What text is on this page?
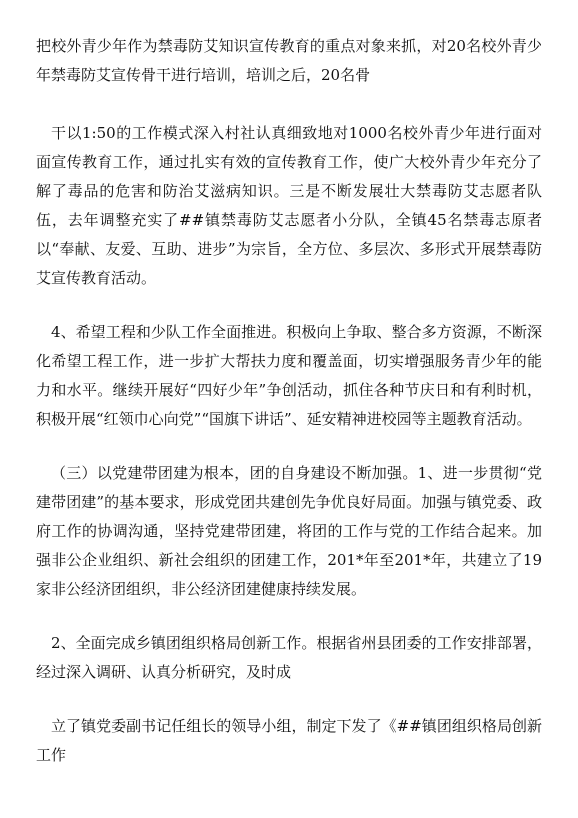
把校外青少年作为禁毒防艾知识宣传教育的重点对象来抓，对20名校外青少年禁毒防艾宣传骨干进行培训，培训之后，20名骨

干以1:50的工作模式深入村社认真细致地对1000名校外青少年进行面对面宣传教育工作，通过扎实有效的宣传教育工作，使广大校外青少年充分了解了毒品的危害和防治艾滋病知识。三是不断发展壮大禁毒防艾志愿者队伍，去年调整充实了##镇禁毒防艾志愿者小分队，全镇45名禁毒志原者以“奉献、友爱、互助、进步”为宗旨，全方位、多层次、多形式开展禁毒防艾宣传教育活动。

4、希望工程和少队工作全面推进。积极向上争取、整合多方资源，不断深化希望工程工作，进一步扩大帮扶力度和覆盖面，切实增强服务青少年的能力和水平。继续开展好“四好少年”争创活动，抓住各种节庆日和有利时机，积极开展“红领巾心向党”“国旗下讲话”、延安精神进校园等主题教育活动。

（三）以党建带团建为根本，团的自身建设不断加强。1、进一步贯彻“党建带团建”的基本要求，形成党团共建创先争优良好局面。加强与镇党委、政府工作的协调沟通，坚持党建带团建，将团的工作与党的工作结合起来。加强非公企业组织、新社会组织的团建工作，201*年至201*年，共建立了19家非公经济团组织，非公经济团建健康持续发展。

2、全面完成乡镇团组织格局创新工作。根据省州县团委的工作安排部署，经过深入调研、认真分析研究，及时成

立了镇党委副书记任组长的领导小组，制定下发了《##镇团组织格局创新工作
